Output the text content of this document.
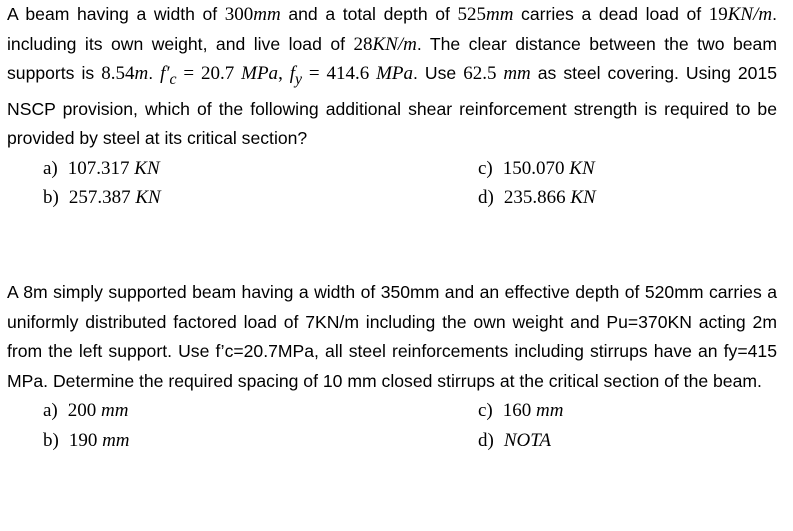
A beam having a width of 300mm and a total depth of 525mm carries a dead load of 19KN/m. including its own weight, and live load of 28KN/m. The clear distance between the two beam supports is 8.54m. $f'_c = 20.7$ MPa, $f_y = 414.6$ MPa. Use 62.5 mm as steel covering. Using 2015 NSCP provision, which of the following additional shear reinforcement strength is required to be provided by steel at its critical section?

a) 107.317 KN	c) 150.070 KN
b) 257.387 KN	d) 235.866 KN

A 8m simply supported beam having a width of 350mm and an effective depth of 520mm carries a uniformly distributed factored load of 7KN/m including the own weight and Pu=370KN acting 2m from the left support. Use f’c=20.7MPa, all steel reinforcements including stirrups have an fy=415 MPa. Determine the required spacing of 10 mm closed stirrups at the critical section of the beam.

a) 200 mm	c) 160 mm
b) 190 mm	d) NOTA
